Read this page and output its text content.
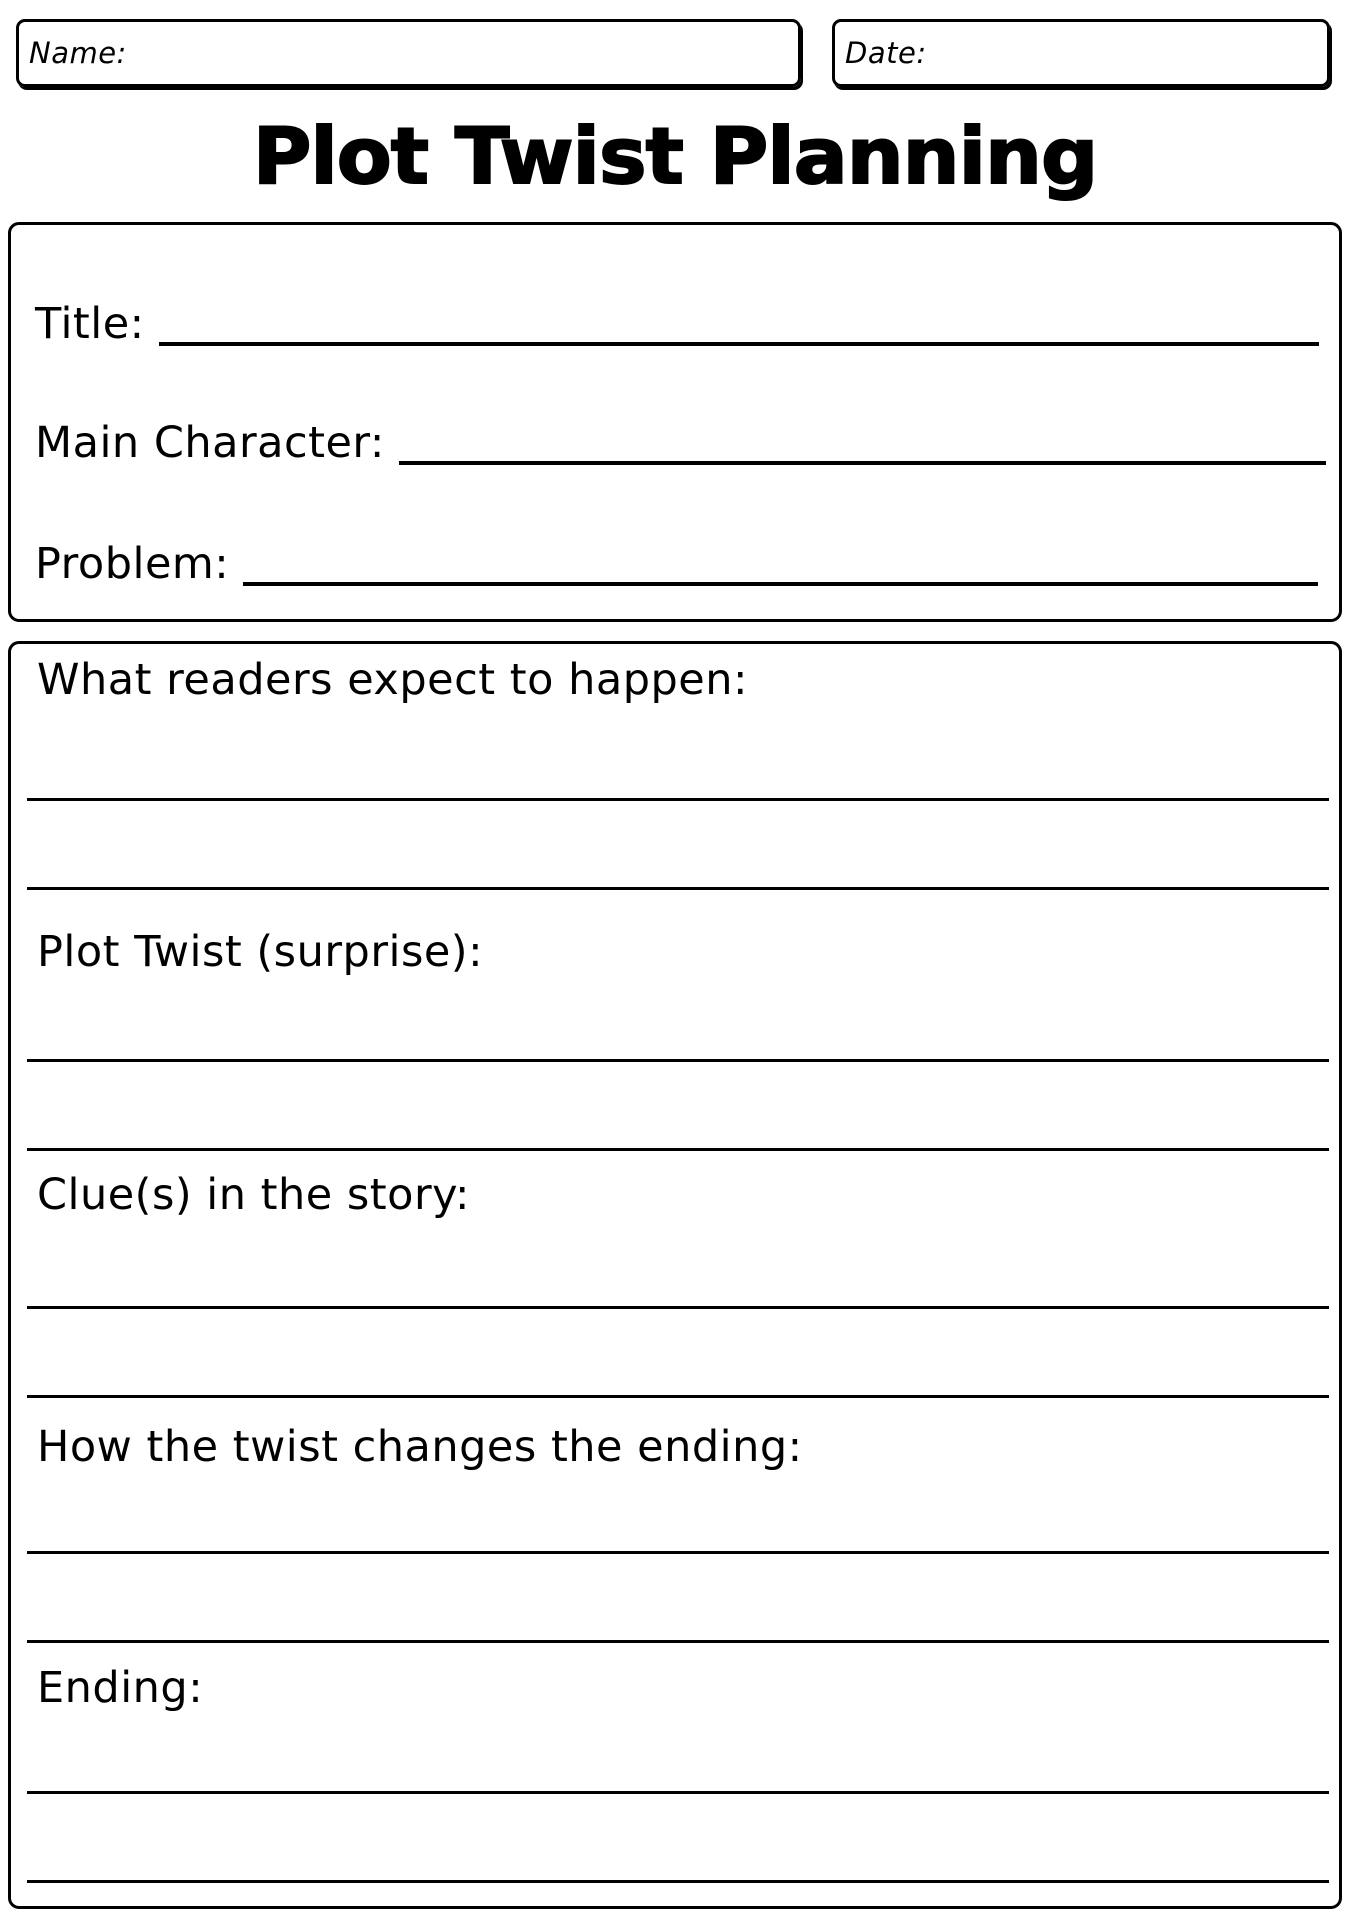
Name:	Date:
Plot Twist Planning
Title:
Main Character:
Problem:
What readers expect to happen:
Plot Twist (surprise):
Clue(s) in the story:
How the twist changes the ending:
Ending:
